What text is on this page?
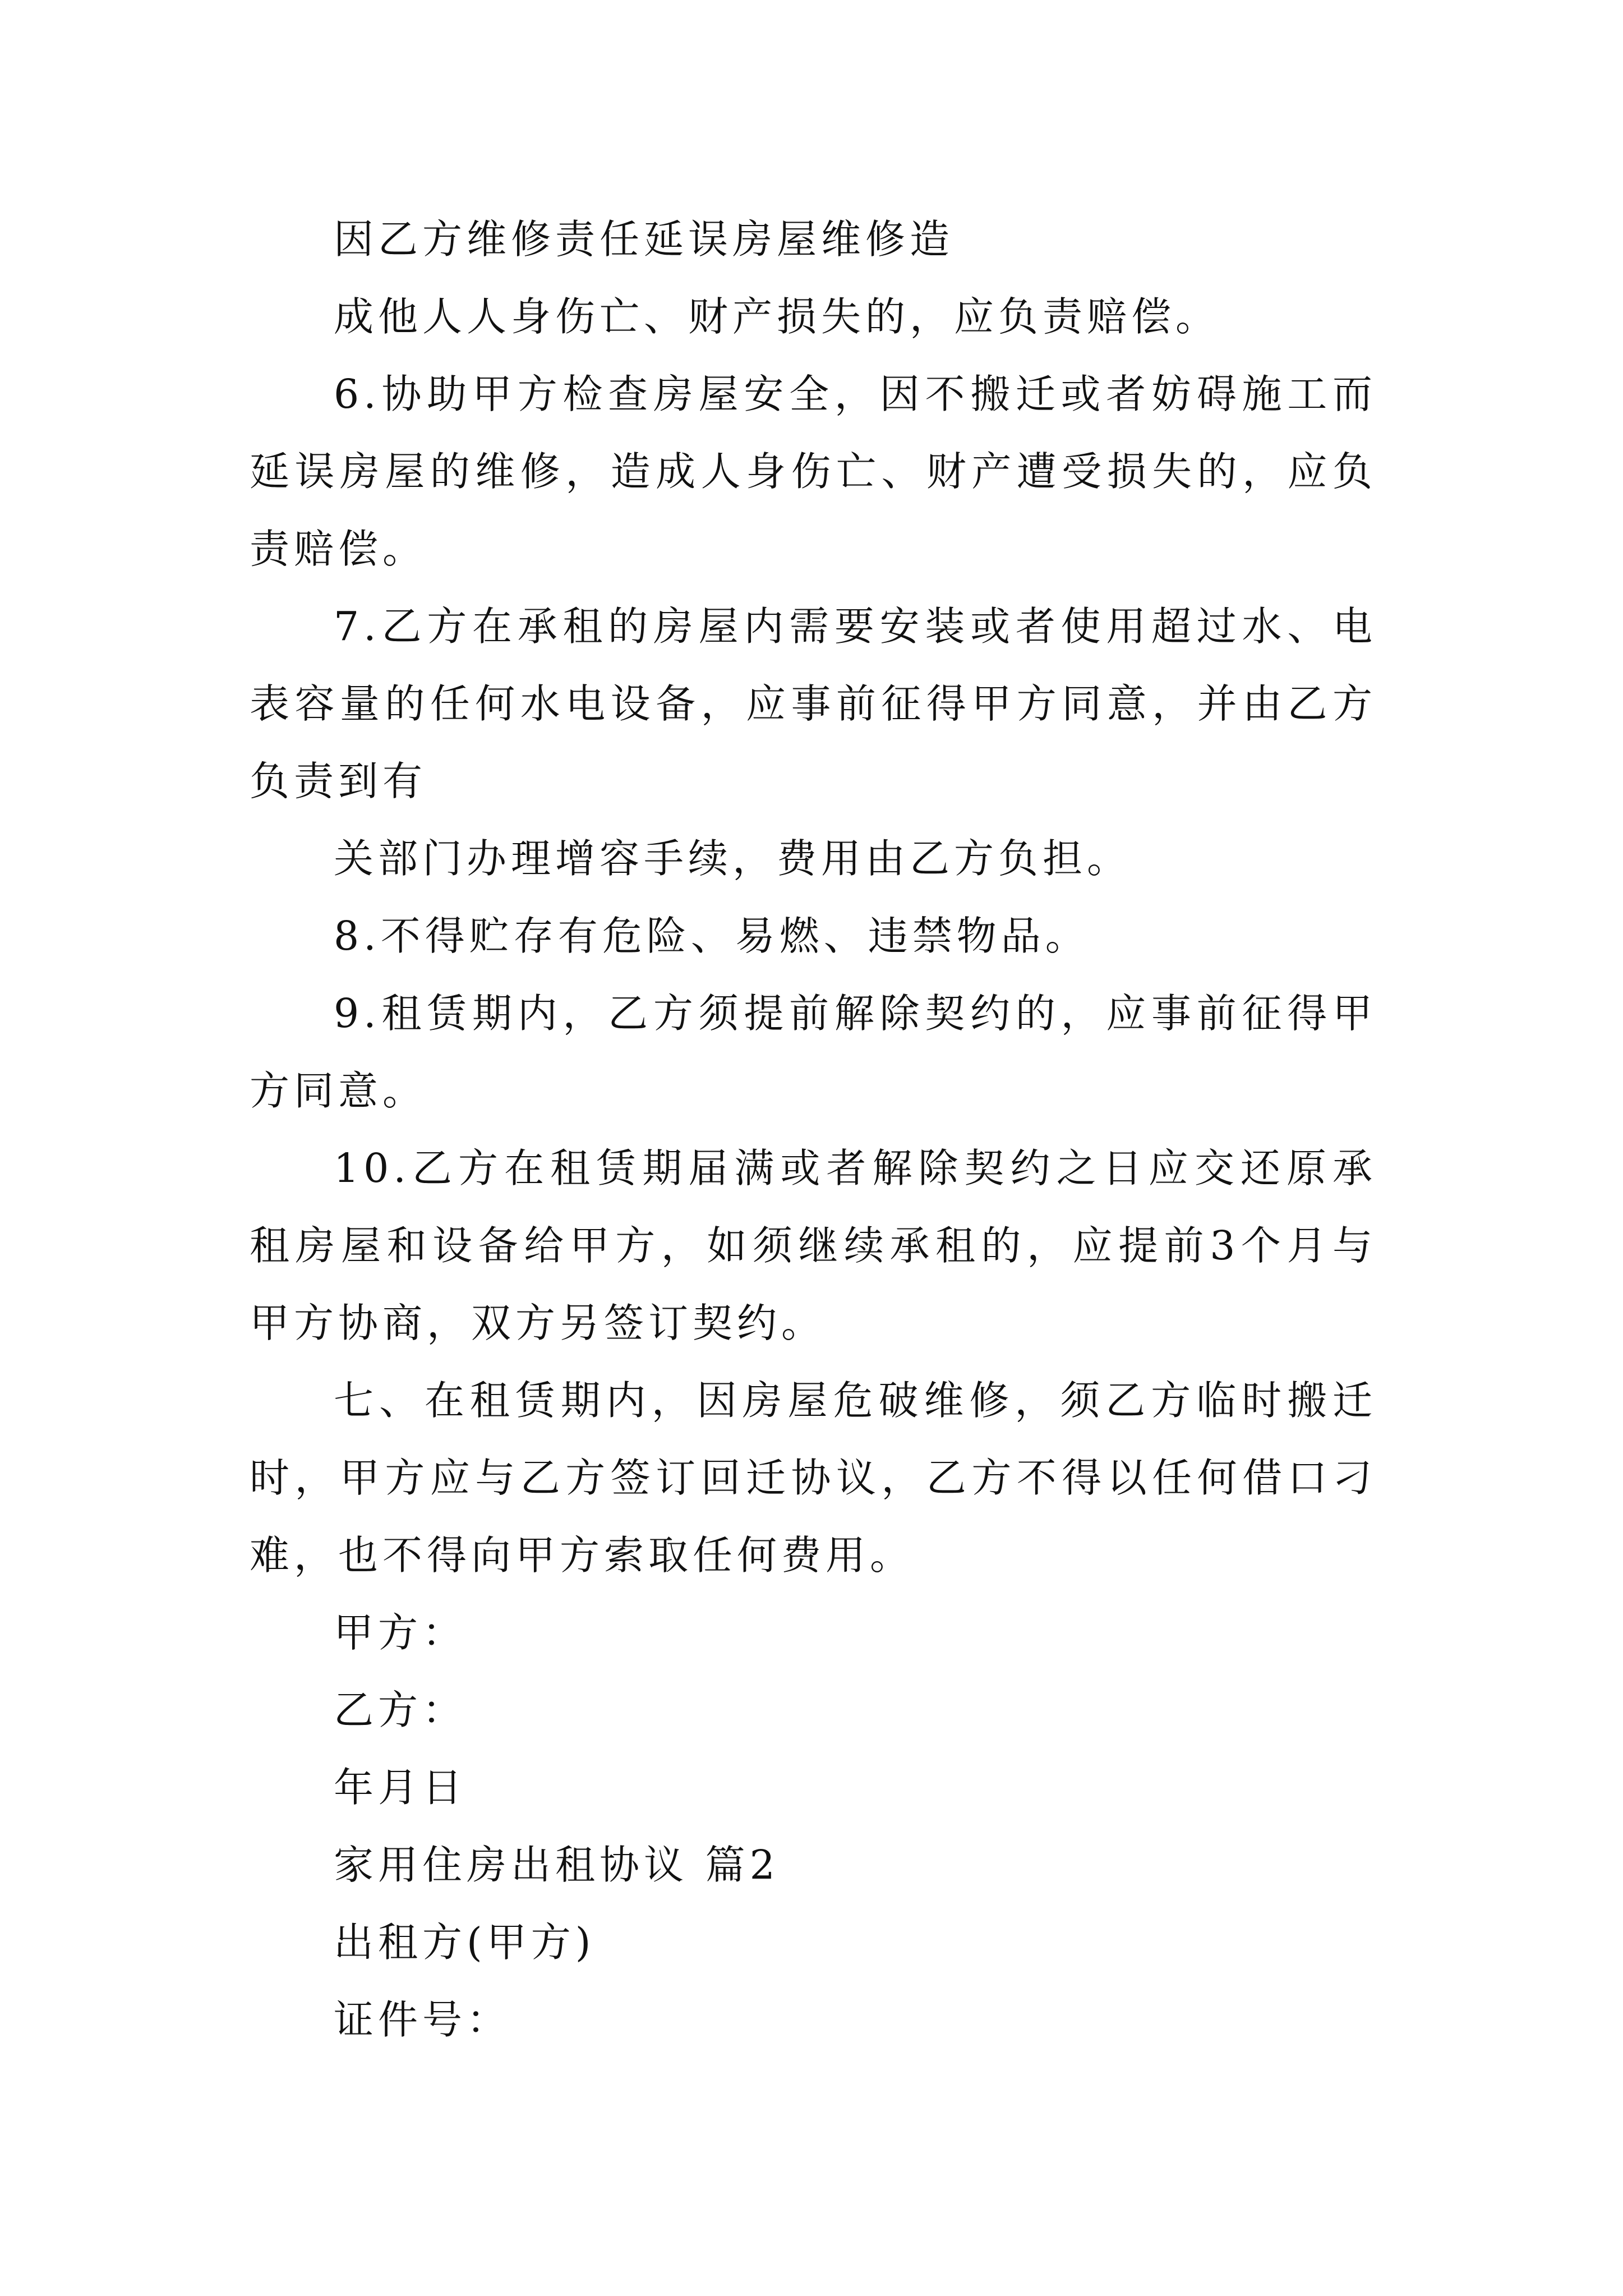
因乙方维修责任延误房屋维修造

成他人人身伤亡、财产损失的，应负责赔偿。

6.协助甲方检查房屋安全，因不搬迁或者妨碍施工而延误房屋的维修，造成人身伤亡、财产遭受损失的，应负责赔偿。

7.乙方在承租的房屋内需要安装或者使用超过水、电表容量的任何水电设备，应事前征得甲方同意，并由乙方负责到有

关部门办理增容手续，费用由乙方负担。

8.不得贮存有危险、易燃、违禁物品。

9.租赁期内，乙方须提前解除契约的，应事前征得甲方同意。

10.乙方在租赁期届满或者解除契约之日应交还原承租房屋和设备给甲方，如须继续承租的，应提前3个月与甲方协商，双方另签订契约。

七、在租赁期内，因房屋危破维修，须乙方临时搬迁时，甲方应与乙方签订回迁协议，乙方不得以任何借口刁难，也不得向甲方索取任何费用。

甲方：

乙方：

年月日

家用住房出租协议 篇2

出租方(甲方)

证件号：
